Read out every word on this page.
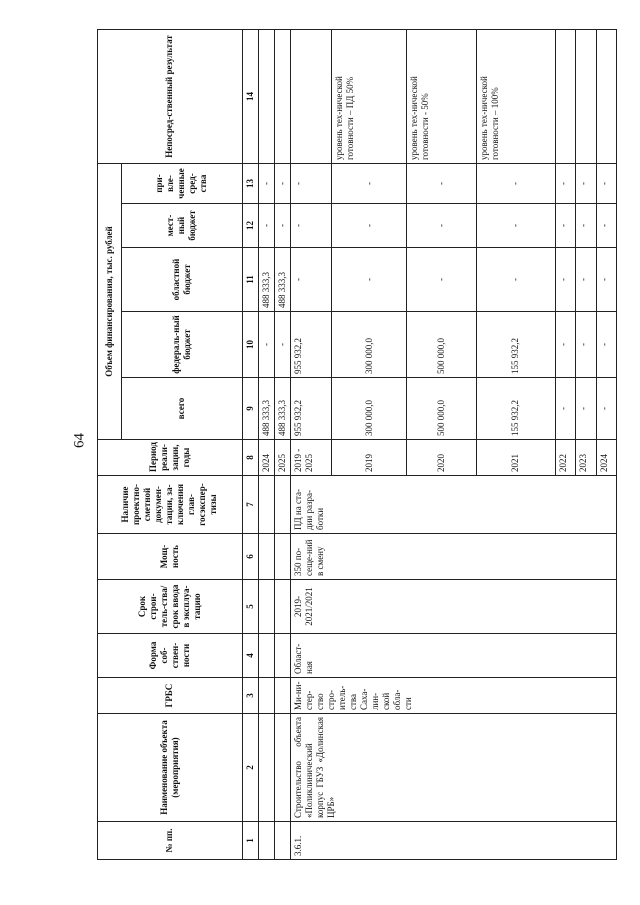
64
№ пп.	Наименование объекта (мероприятия)	ГРБС	Форма соб-ствен-ности	Срок строи-тель-ства/срок ввода в эксплуа-тацию	Мощ-ность	Наличие проектно-сметной докумен-тации, за-ключения глав-госэкспер-тизы	Период реали-зации, годы	Объем финансирования, тыс. рублей					Непосред-ственный результат
								всего	федераль-ный бюджет	областной бюджет	мест-ный бюджет	при-вле-ченные сред-ства	
1	2	3	4	5	6	7	8	9	10	11	12	13	14
							2024	488 333,3	-	488 333,3	-	-	
							2025	488 333,3	-	488 333,3	-	-	
3.6.1.	Строительство объекта «Поликлинический корпус ГБУЗ «Долинская ЦРБ»	Ми-ни-стер-ство стро-итель-ства Саха-лин-ской обла-сти	Област-ная	2019-2021/2021	350 по-сеще-ний в смену	ПД на ста-дии разра-ботки	2019 - 2025	955 932,2	955 932,2	-	-	-	
							2019	300 000,0	300 000,0	-	-	-	уровень тех-нической готовности – ПД 50%
							2020	500 000,0	500 000,0	-	-	-	уровень тех-нической готовности - 50%
							2021	155 932,2	155 932,2	-	-	-	уровень тех-нической готовности – 100%
							2022	-	-	-	-	-	
							2023	-	-	-	-	-	
							2024	-	-	-	-	-	
